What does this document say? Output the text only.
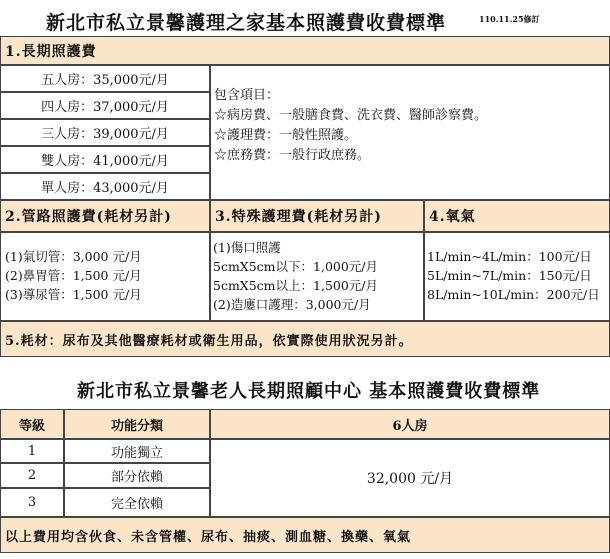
新北市私立景馨護理之家基本照護費收費標準	110.11.25修訂
1.長期照護費
五人房：35,000元/月
四人房：37,000元/月
三人房：39,000元/月
雙人房：41,000元/月
單人房：43,000元/月
包含項目：
☆病房費、一般膳食費、洗衣費、醫師診察費。
☆護理費：一般性照護。
☆庶務費：一般行政庶務。
2.管路照護費(耗材另計)	3.特殊護理費(耗材另計)	4.氧氣
(1)氣切管：3,000 元/月
(2)鼻胃管：1,500 元/月
(3)導尿管：1,500 元/月
(1)傷口照護
5cmX5cm以下：1,000元/月
5cmX5cm以上：1,500元/月
(2)造廔口護理：3,000元/月
1L/min~4L/min：100元/日
5L/min~7L/min：150元/日
8L/min~10L/min：200元/日
5.耗材：尿布及其他醫療耗材或衛生用品，依實際使用狀況另計。
新北市私立景馨老人長期照顧中心 基本照護費收費標準
等級	功能分類	6人房
1	功能獨立
2	部分依賴
3	完全依賴
32,000 元/月
以上費用均含伙食、未含管權、尿布、抽痰、測血糖、換藥、氧氣
